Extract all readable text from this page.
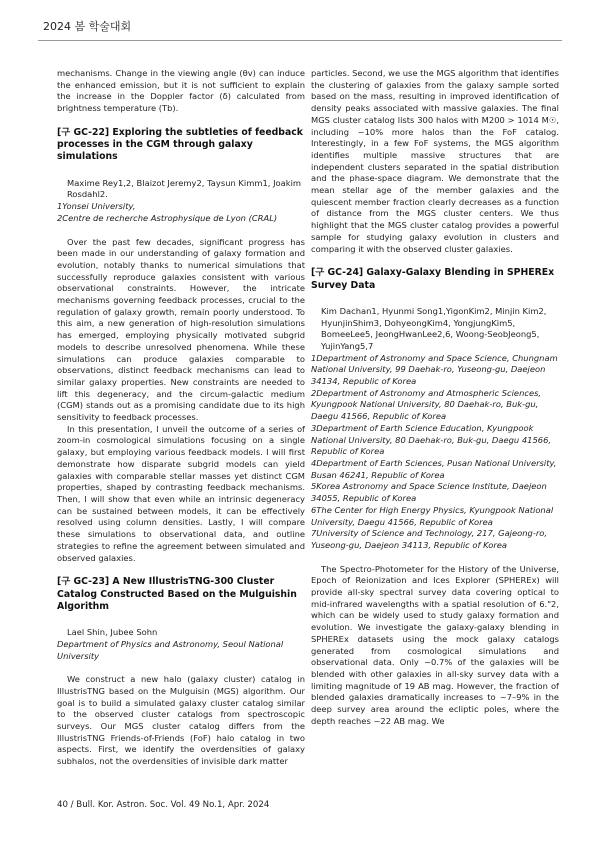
2024 봄 학술대회

mechanisms. Change in the viewing angle (θv) can induce the enhanced emission, but it is not sufficient to explain the increase in the Doppler factor (δ) calculated from brightness temperature (Tb).

[구 GC-22] Exploring the subtleties of feedback processes in the CGM through galaxy simulations
Maxime Rey1,2, Blaizot Jeremy2, Taysun Kimm1, Joakim Rosdahl2.
1Yonsei University,
2Centre de recherche Astrophysique de Lyon (CRAL)

Over the past few decades, significant progress has been made in our understanding of galaxy formation and evolution, notably thanks to numerical simulations that successfully reproduce galaxies consistent with various observational constraints. However, the intricate mechanisms governing feedback processes, crucial to the regulation of galaxy growth, remain poorly understood. To this aim, a new generation of high-resolution simulations has emerged, employing physically motivated subgrid models to describe unresolved phenomena. While these simulations can produce galaxies comparable to observations, distinct feedback mechanisms can lead to similar galaxy properties. New constraints are needed to lift this degeneracy, and the circum-galactic medium (CGM) stands out as a promising candidate due to its high sensitivity to feedback processes.

In this presentation, I unveil the outcome of a series of zoom-in cosmological simulations focusing on a single galaxy, but employing various feedback models. I will first demonstrate how disparate subgrid models can yield galaxies with comparable stellar masses yet distinct CGM properties, shaped by contrasting feedback mechanisms. Then, I will show that even while an intrinsic degeneracy can be sustained between models, it can be effectively resolved using column densities. Lastly, I will compare these simulations to observational data, and outline strategies to refine the agreement between simulated and observed galaxies.

[구 GC-23] A New IllustrisTNG-300 Cluster Catalog Constructed Based on the Mulguishin Algorithm
Lael Shin, Jubee Sohn
Department of Physics and Astronomy, Seoul National University

We construct a new halo (galaxy cluster) catalog in IllustrisTNG based on the Mulguisin (MGS) algorithm. Our goal is to build a simulated galaxy cluster catalog similar to the observed cluster catalogs from spectroscopic surveys. Our MGS cluster catalog differs from the IllustrisTNG Friends-of-Friends (FoF) halo catalog in two aspects. First, we identify the overdensities of galaxy subhalos, not the overdensities of invisible dark matter

particles. Second, we use the MGS algorithm that identifies the clustering of galaxies from the galaxy sample sorted based on the mass, resulting in improved identification of density peaks associated with massive galaxies. The final MGS cluster catalog lists 300 halos with M200 > 1014 M☉, including ~10% more halos than the FoF catalog. Interestingly, in a few FoF systems, the MGS algorithm identifies multiple massive structures that are independent clusters separated in the spatial distribution and the phase-space diagram. We demonstrate that the mean stellar age of the member galaxies and the quiescent member fraction clearly decreases as a function of distance from the MGS cluster centers. We thus highlight that the MGS cluster catalog provides a powerful sample for studying galaxy evolution in clusters and comparing it with the observed cluster galaxies.

[구 GC-24] Galaxy-Galaxy Blending in SPHEREx Survey Data
Kim Dachan1, Hyunmi Song1,YigonKim2, Minjin Kim2, HyunjinShim3, DohyeongKim4, YongjungKim5, BomeeLee5, JeongHwanLee2,6, Woong-SeobJeong5, YujinYang5,7
1Department of Astronomy and Space Science, Chungnam National University, 99 Daehak-ro, Yuseong-gu, Daejeon 34134, Republic of Korea
2Department of Astronomy and Atmospheric Sciences, Kyungpook National University, 80 Daehak-ro, Buk-gu, Daegu 41566, Republic of Korea
3Department of Earth Science Education, Kyungpook National University, 80 Daehak-ro, Buk-gu, Daegu 41566, Republic of Korea
4Department of Earth Sciences, Pusan National University, Busan 46241, Republic of Korea
5Korea Astronomy and Space Science Institute, Daejeon 34055, Republic of Korea
6The Center for High Energy Physics, Kyungpook National University, Daegu 41566, Republic of Korea
7University of Science and Technology, 217, Gajeong-ro, Yuseong-gu, Daejeon 34113, Republic of Korea

The Spectro-Photometer for the History of the Universe, Epoch of Reionization and Ices Explorer (SPHEREx) will provide all-sky spectral survey data covering optical to mid-infrared wavelengths with a spatial resolution of 6."2, which can be widely used to study galaxy formation and evolution. We investigate the galaxy-galaxy blending in SPHEREx datasets using the mock galaxy catalogs generated from cosmological simulations and observational data. Only ~0.7% of the galaxies will be blended with other galaxies in all-sky survey data with a limiting magnitude of 19 AB mag. However, the fraction of blended galaxies dramatically increases to ~7–9% in the deep survey area around the ecliptic poles, where the depth reaches ~22 AB mag. We

40 / Bull. Kor. Astron. Soc. Vol. 49 No.1, Apr. 2024
